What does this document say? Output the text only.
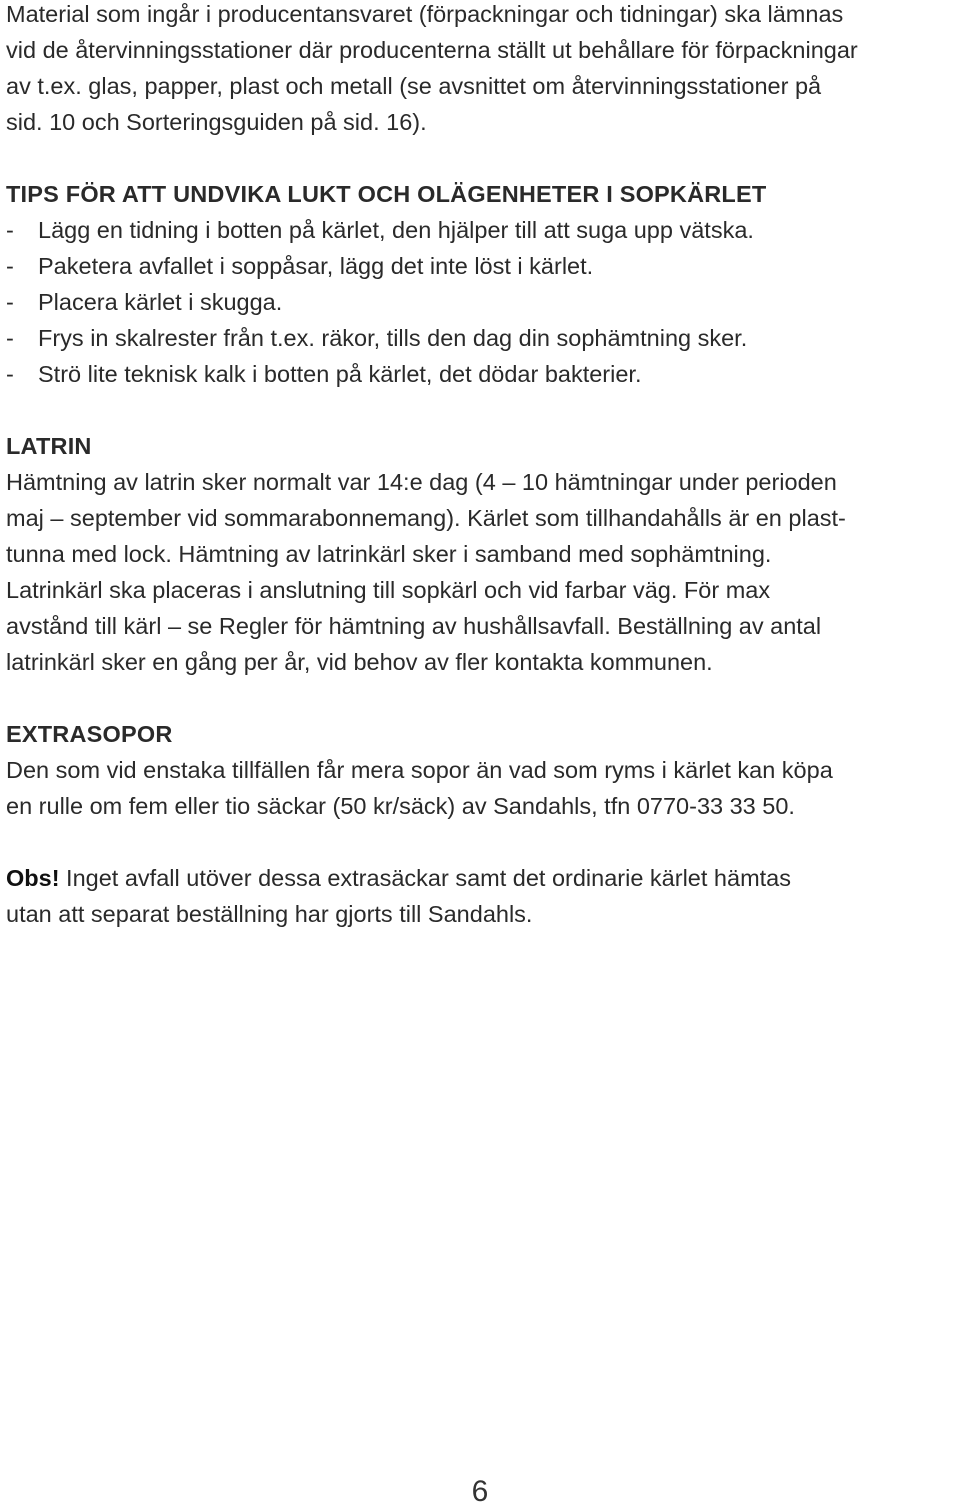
Material som ingår i producentansvaret (förpackningar och tidningar) ska lämnas

vid de återvinningsstationer där producenterna ställt ut behållare för förpackningar

av t.ex. glas, papper, plast och metall (se avsnittet om återvinningsstationer på

sid. 10 och Sorteringsguiden på sid. 16).

TIPS FÖR ATT UNDVIKA LUKT OCH OLÄGENHETER I SOPKÄRLET
-	Lägg en tidning i botten på kärlet, den hjälper till att suga upp vätska.
-	Paketera avfallet i soppåsar, lägg det inte löst i kärlet.
-	Placera kärlet i skugga.
-	Frys in skalrester från t.ex. räkor, tills den dag din sophämtning sker.
-	Strö lite teknisk kalk i botten på kärlet, det dödar bakterier.
LATRIN

Hämtning av latrin sker normalt var 14:e dag (4 – 10 hämtningar under perioden

maj – september vid sommarabonnemang). Kärlet som tillhandahålls är en plast-

tunna med lock. Hämtning av latrinkärl sker i samband med sophämtning.

Latrinkärl ska placeras i anslutning till sopkärl och vid farbar väg. För max

avstånd till kärl – se Regler för hämtning av hushållsavfall. Beställning av antal

latrinkärl sker en gång per år, vid behov av fler kontakta kommunen.

EXTRASOPOR

Den som vid enstaka tillfällen får mera sopor än vad som ryms i kärlet kan köpa

en rulle om fem eller tio säckar (50 kr/säck) av Sandahls, tfn 0770-33 33 50.

Obs! Inget avfall utöver dessa extrasäckar samt det ordinarie kärlet hämtas

utan att separat beställning har gjorts till Sandahls.

6
